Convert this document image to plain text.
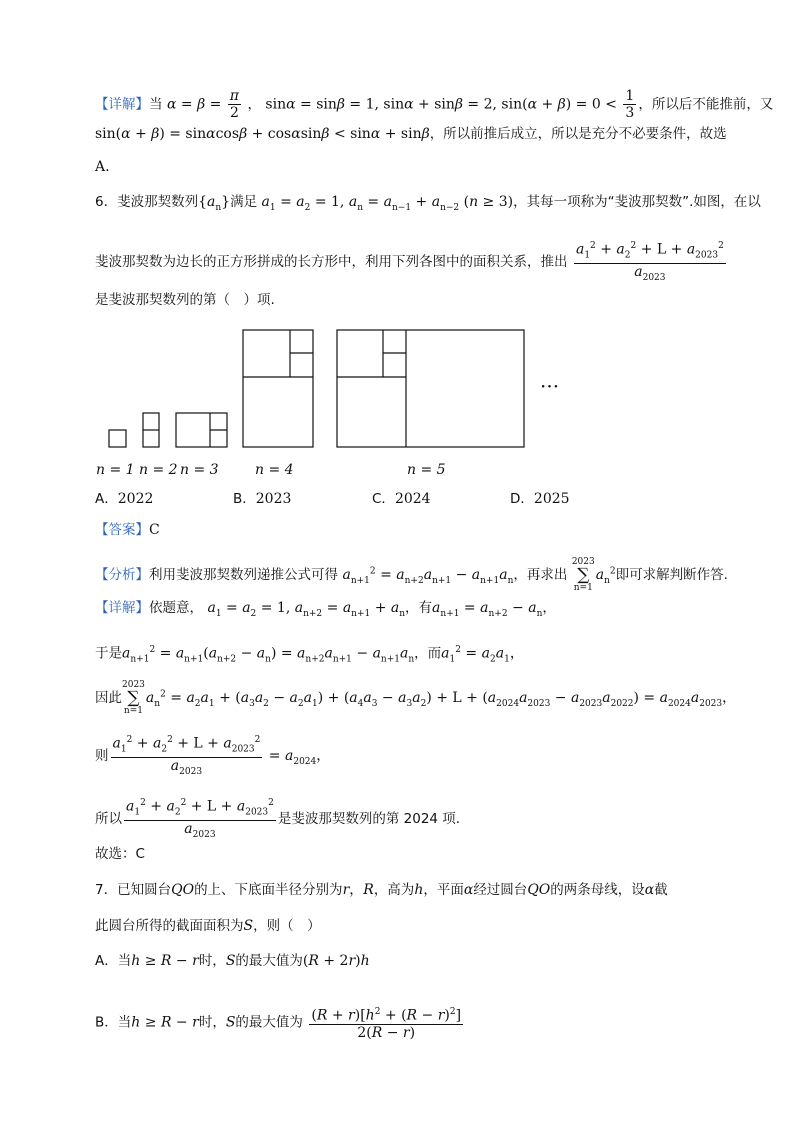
【详解】当 $\alpha = \beta = \frac{\pi}{2}$ ， sinα = sinβ = 1, sinα + sinβ = 2, $\sin(\alpha + \beta) = 0 < \frac{1}{3}$ ，所以后不能推前，又
sin(α + β) = sinαcosβ + cosαsinβ < sinα + sinβ，所以前推后成立，所以是充分不必要条件，故选
A.
6．斐波那契数列$\{a_n\}$满足 $a_1 = a_2 = 1$, $a_n = a_{n-1} + a_{n-2}$ (n ≥ 3)，其每一项称为“斐波那契数”.如图，在以
斐波那契数为边长的正方形拼成的长方形中，利用下列各图中的面积关系，推出 $\frac{a_1^2 + a_2^2 + L + a_{2023}^2}{a_{2023}}$
是斐波那契数列的第（　）项.
···
n = 1 n = 2 n = 3	n = 4	n = 5
A．2022	B．2023	C．2024	D．2025
【答案】C
【分析】利用斐波那契数列递推公式可得 $a_{n+1}^2 = a_{n+2}a_{n+1} - a_{n+1}a_n$，再求出 2023
∑
$n=1a_n^2$即可求解判断作答.
【详解】依题意， $a_1 = a_2 = 1$, $a_{n+2} = a_{n+1} + a_n$，有$a_{n+1} = a_{n+2} - a_n$，
于是$a_{n+1}^2 = a_{n+1}(a_{n+2} - a_n) = a_{n+2}a_{n+1} - a_{n+1}a_n$，而$a_1^2 = a_2a_1$，
因此2023
∑
$n=1a_n^2 = a_2a_1 + (a_3a_2 - a_2a_1) + (a_4a_3 - a_3a_2) + L + (a_{2024}a_{2023} - a_{2023}a_{2022}) = a_{2024}a_{2023}$，
则 $\frac{a_1^2 + a_2^2 + L + a_{2023}^2}{a_{2023}} = a_{2024}$，
所以 $\frac{a_1^2 + a_2^2 + L + a_{2023}^2}{a_{2023}}$ 是斐波那契数列的第 2024 项.
故选：C
7．已知圆台QO的上、下底面半径分别为r，R，高为h，平面α经过圆台QO的两条母线，设α截
此圆台所得的截面面积为S，则（　）
A．当h ≥ R − r时，S的最大值为(R + 2r)h
B．当h ≥ R − r时，S的最大值为 $\frac{(R + r)[h^2 + (R - r)^2]}{2(R - r)}$
